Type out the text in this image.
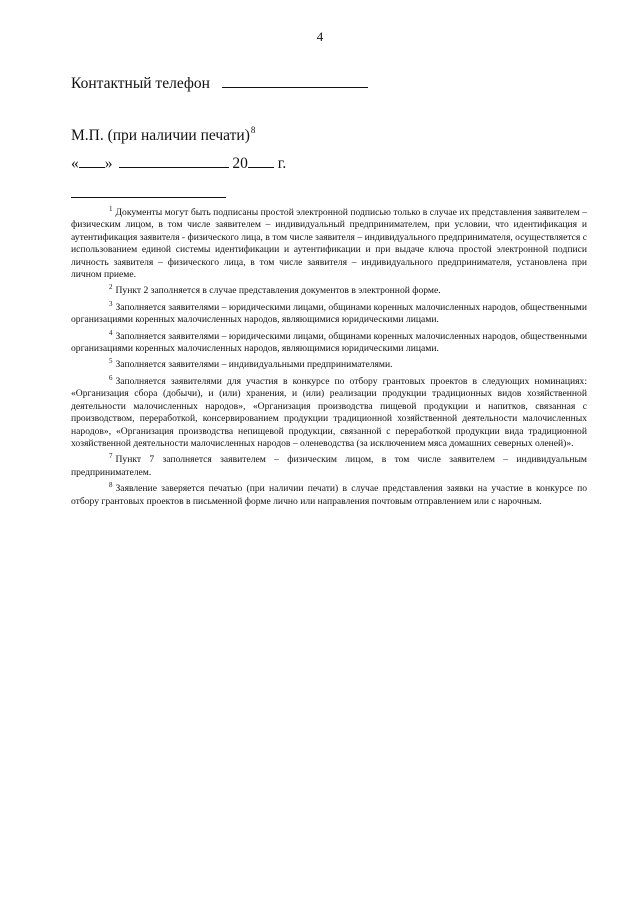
4
Контактный телефон
М.П. (при наличии печати)$^8$
« »	20 г.

$^1$ Документы могут быть подписаны простой электронной подписью только в случае их представления заявителем – физическим лицом, в том числе заявителем – индивидуальный предпринимателем, при условии, что идентификация и аутентификация заявителя - физического лица, в том числе заявителя – индивидуального предпринимателя, осуществляется с использованием единой системы идентификации и аутентификации и при выдаче ключа простой электронной подписи личность заявителя – физического лица, в том числе заявителя – индивидуального предпринимателя, установлена при личном приеме.

$^2$ Пункт 2 заполняется в случае представления документов в электронной форме.

$^3$ Заполняется заявителями – юридическими лицами, общинами коренных малочисленных народов, общественными организациями коренных малочисленных народов, являющимися юридическими лицами.

$^4$ Заполняется заявителями – юридическими лицами, общинами коренных малочисленных народов, общественными организациями коренных малочисленных народов, являющимися юридическими лицами.

$^5$ Заполняется заявителями – индивидуальными предпринимателями.

$^6$ Заполняется заявителями для участия в конкурсе по отбору грантовых проектов в следующих номинациях: «Организация сбора (добычи), и (или) хранения, и (или) реализации продукции традиционных видов хозяйственной деятельности малочисленных народов», «Организация производства пищевой продукции и напитков, связанная с производством, переработкой, консервированием продукции традиционной хозяйственной деятельности малочисленных народов», «Организация производства непищевой продукции, связанной с переработкой продукции вида традиционной хозяйственной деятельности малочисленных народов – оленеводства (за исключением мяса домашних северных оленей)».

$^7$ Пункт 7 заполняется заявителем – физическим лицом, в том числе заявителем – индивидуальным предпринимателем.

$^8$ Заявление заверяется печатью (при наличии печати) в случае представления заявки на участие в конкурсе по отбору грантовых проектов в письменной форме лично или направления почтовым отправлением или с нарочным.
